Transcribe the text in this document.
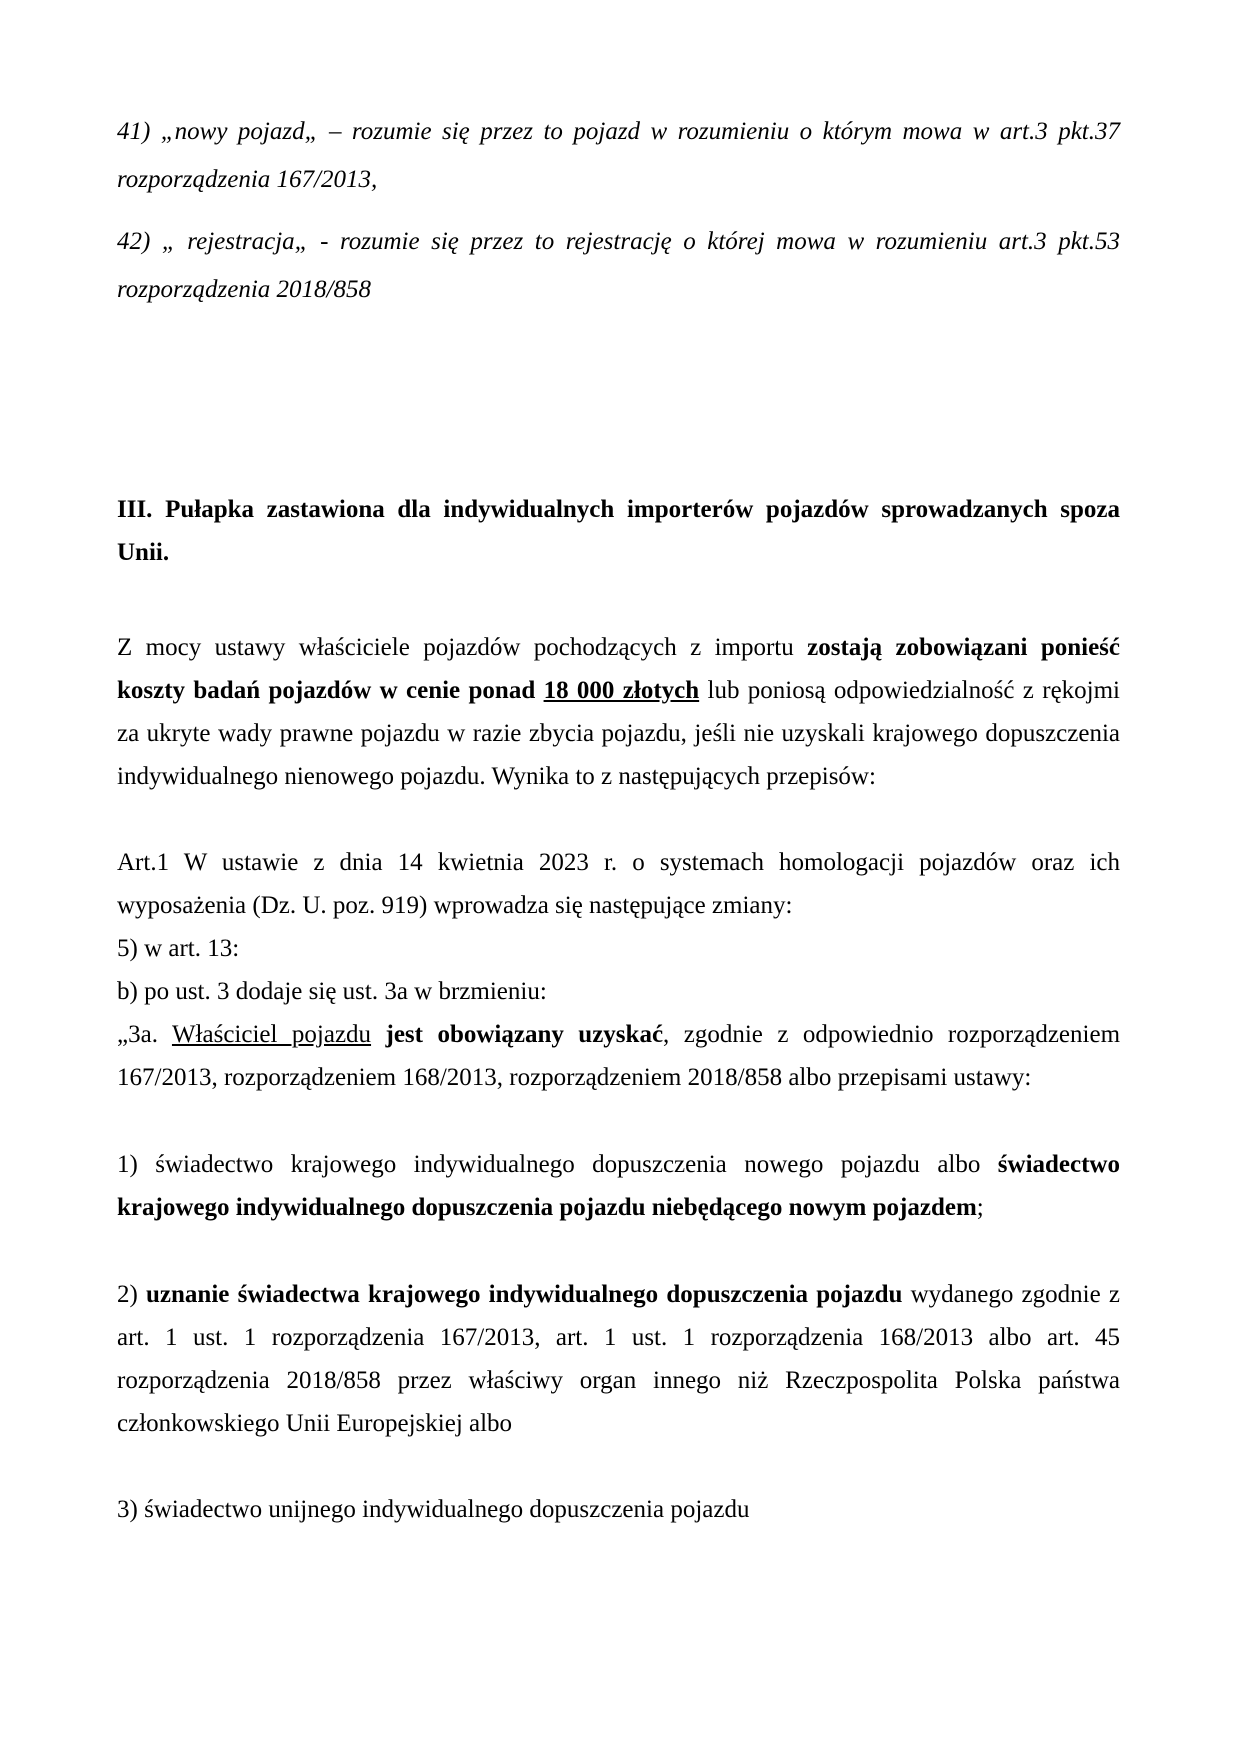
41) „nowy pojazd„ – rozumie się przez to pojazd w rozumieniu o którym mowa w art.3 pkt.37 rozporządzenia 167/2013,

42) „ rejestracja„ - rozumie się przez to rejestrację o której mowa w rozumieniu art.3 pkt.53 rozporządzenia 2018/858

III. Pułapka zastawiona dla indywidualnych importerów pojazdów sprowadzanych spoza Unii.

Z mocy ustawy właściciele pojazdów pochodzących z importu zostają zobowiązani ponieść koszty badań pojazdów w cenie ponad 18 000 złotych lub poniosą odpowiedzialność z rękojmi za ukryte wady prawne pojazdu w razie zbycia pojazdu, jeśli nie uzyskali krajowego dopuszczenia indywidualnego nienowego pojazdu. Wynika to z następujących przepisów:

Art.1 W ustawie z dnia 14 kwietnia 2023 r. o systemach homologacji pojazdów oraz ich wyposażenia (Dz. U. poz. 919) wprowadza się następujące zmiany:

5) w art. 13:

b) po ust. 3 dodaje się ust. 3a w brzmieniu:

„3a. Właściciel pojazdu jest obowiązany uzyskać, zgodnie z odpowiednio rozporządzeniem 167/2013, rozporządzeniem 168/2013, rozporządzeniem 2018/858 albo przepisami ustawy:

1) świadectwo krajowego indywidualnego dopuszczenia nowego pojazdu albo świadectwo krajowego indywidualnego dopuszczenia pojazdu niebędącego nowym pojazdem;

2) uznanie świadectwa krajowego indywidualnego dopuszczenia pojazdu wydanego zgodnie z art. 1 ust. 1 rozporządzenia 167/2013, art. 1 ust. 1 rozporządzenia 168/2013 albo art. 45 rozporządzenia 2018/858 przez właściwy organ innego niż Rzeczpospolita Polska państwa członkowskiego Unii Europejskiej albo

3) świadectwo unijnego indywidualnego dopuszczenia pojazdu
